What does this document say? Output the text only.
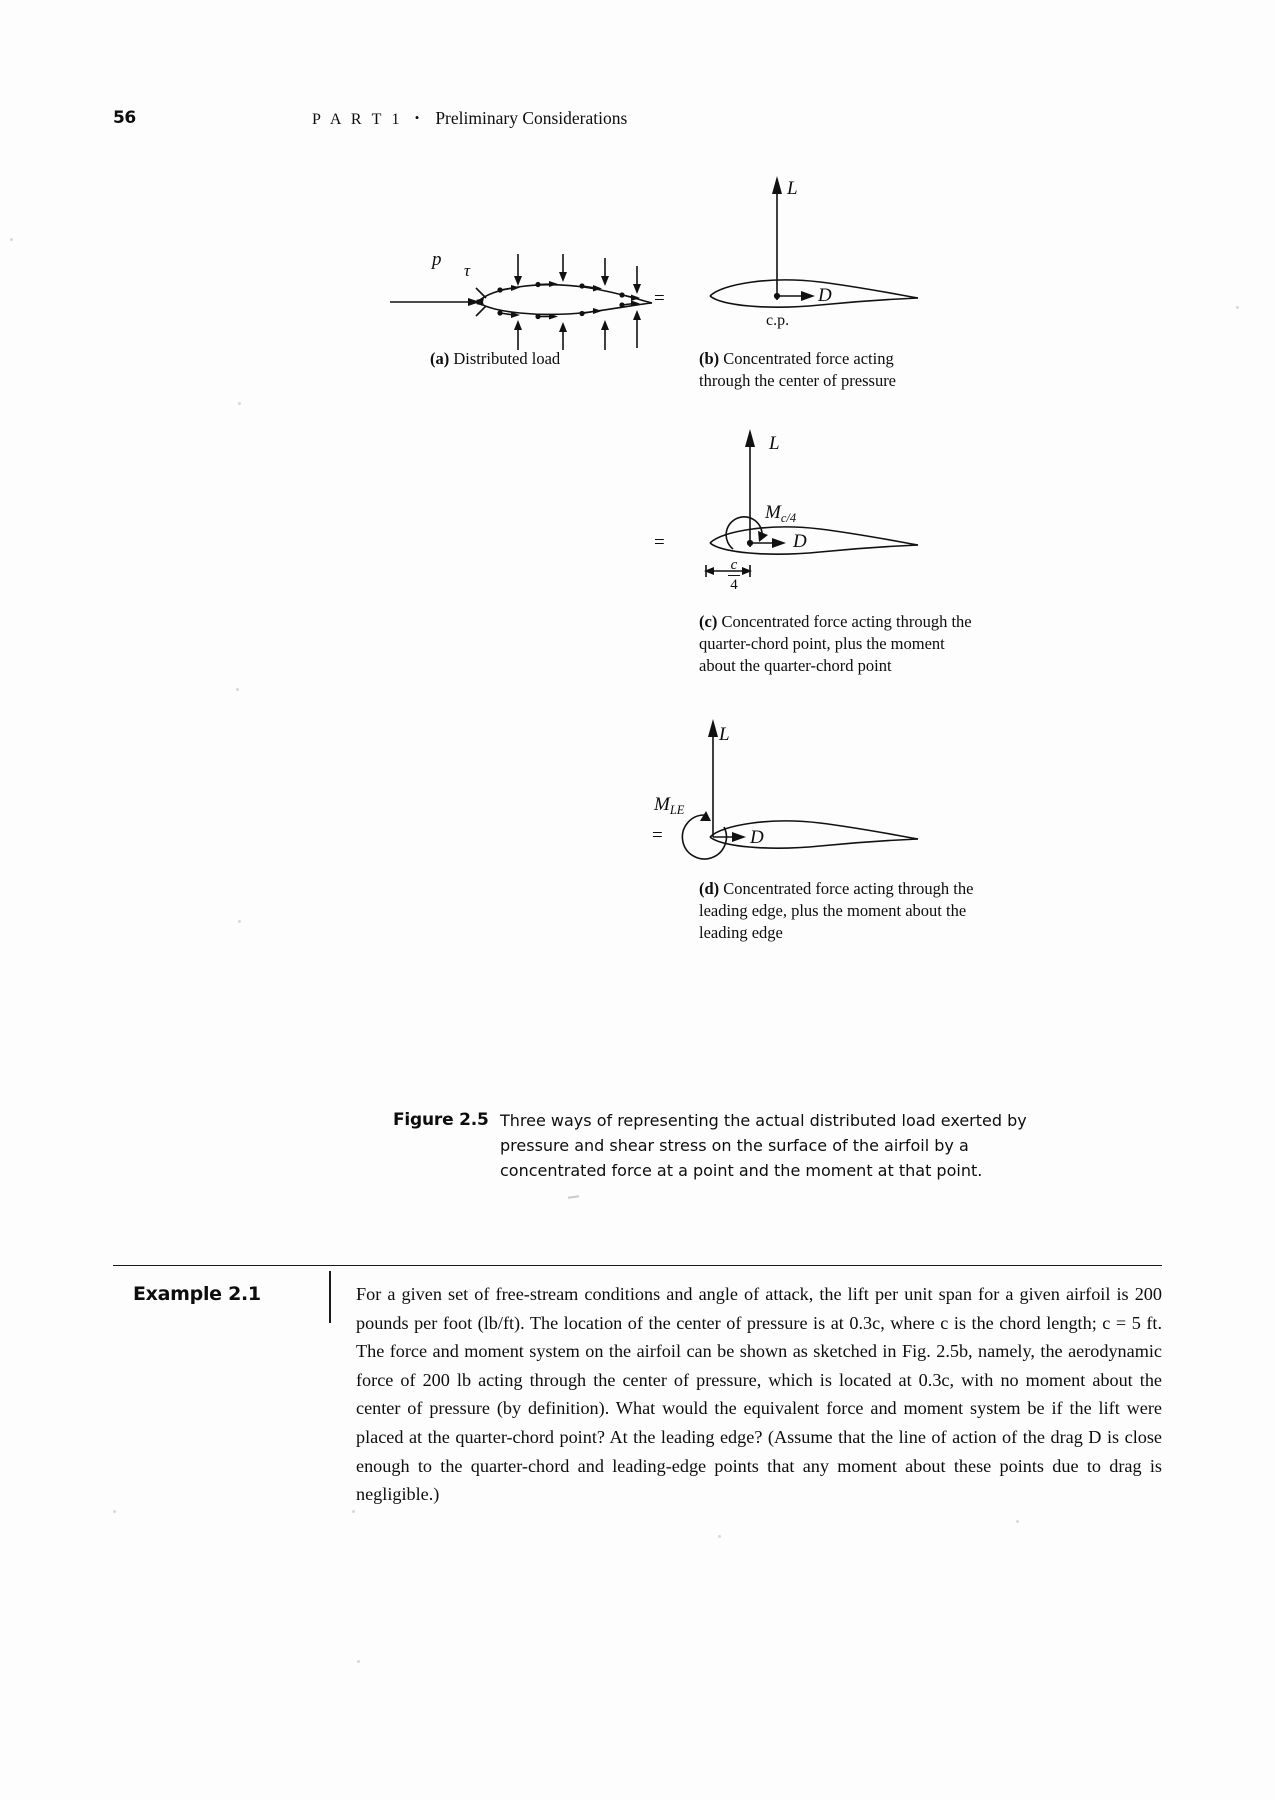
56	P A R T 1 • Preliminary Considerations
p
τ
=
L
D
c.p.
(a) Distributed load	(b) Concentrated force acting through the center of pressure
=
L
$M_{c/4}$
D
c
4
(c) Concentrated force acting through the quarter-chord point, plus the moment about the quarter-chord point
=
L
$M_{LE}$
D
(d) Concentrated force acting through the leading edge, plus the moment about the leading edge
Figure 2.5 Three ways of representing the actual distributed load exerted by pressure and shear stress on the surface of the airfoil by a concentrated force at a point and the moment at that point.
Example 2.1	For a given set of free-stream conditions and angle of attack, the lift per unit span for a given airfoil is 200 pounds per foot (lb/ft). The location of the center of pressure is at 0.3c, where c is the chord length; c = 5 ft. The force and moment system on the airfoil can be shown as sketched in Fig. 2.5b, namely, the aerodynamic force of 200 lb acting through the center of pressure, which is located at 0.3c, with no moment about the center of pressure (by definition). What would the equivalent force and moment system be if the lift were placed at the quarter-chord point? At the leading edge? (Assume that the line of action of the drag D is close enough to the quarter-chord and leading-edge points that any moment about these points due to drag is negligible.)
